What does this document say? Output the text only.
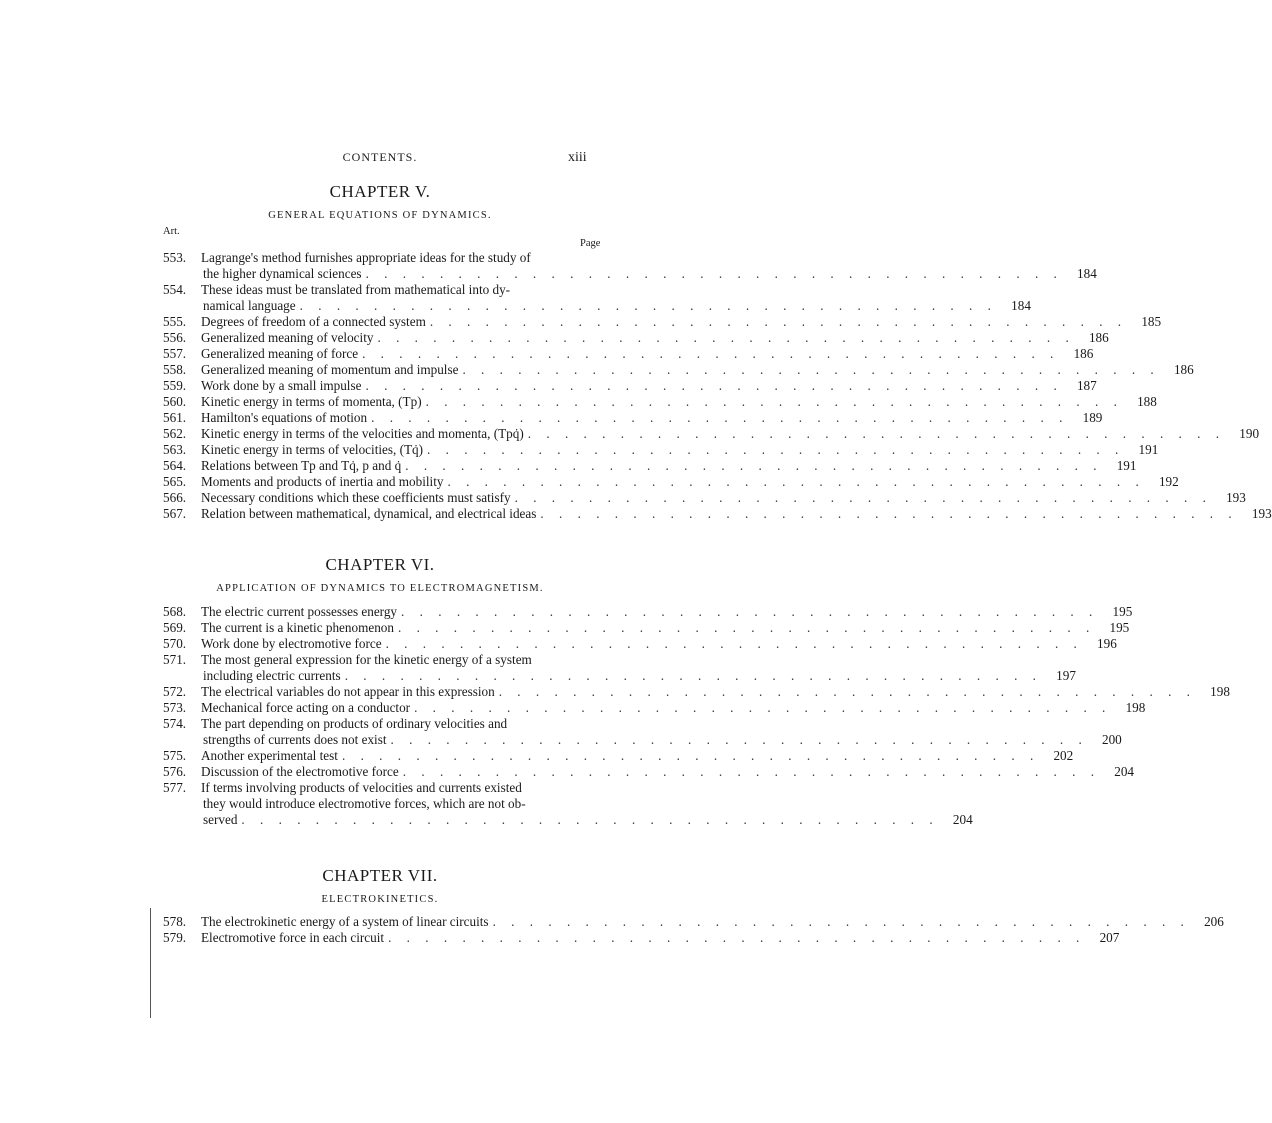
CONTENTS.	xiii
CHAPTER V.
GENERAL EQUATIONS OF DYNAMICS.
Art.
Page
553.	Lagrange's method furnishes appropriate ideas for the study of
the higher dynamical sciences . . . . . . . . . . . . . . . . . . . . . . . . . . . . . . . . . . . . . .	184
554.	These ideas must be translated from mathematical into dy-
namical language . . . . . . . . . . . . . . . . . . . . . . . . . . . . . . . . . . . . . .	184
555.	Degrees of freedom of a connected system . . . . . . . . . . . . . . . . . . . . . . . . . . . . . . . . . . . . . .	185
556.	Generalized meaning of velocity . . . . . . . . . . . . . . . . . . . . . . . . . . . . . . . . . . . . . .	186
557.	Generalized meaning of force . . . . . . . . . . . . . . . . . . . . . . . . . . . . . . . . . . . . . .	186
558.	Generalized meaning of momentum and impulse . . . . . . . . . . . . . . . . . . . . . . . . . . . . . . . . . . . . . .	186
559.	Work done by a small impulse . . . . . . . . . . . . . . . . . . . . . . . . . . . . . . . . . . . . . .	187
560.	Kinetic energy in terms of momenta, (Tp) . . . . . . . . . . . . . . . . . . . . . . . . . . . . . . . . . . . . . .	188
561.	Hamilton's equations of motion . . . . . . . . . . . . . . . . . . . . . . . . . . . . . . . . . . . . . .	189
562.	Kinetic energy in terms of the velocities and momenta, (Tpq̇) . . . . . . . . . . . . . . . . . . . . . . . . . . . . . . . . . . . . . .	190
563.	Kinetic energy in terms of velocities, (Tq̇) . . . . . . . . . . . . . . . . . . . . . . . . . . . . . . . . . . . . . .	191
564.	Relations between Tp and Tq̇, p and q̇ . . . . . . . . . . . . . . . . . . . . . . . . . . . . . . . . . . . . . .	191
565.	Moments and products of inertia and mobility . . . . . . . . . . . . . . . . . . . . . . . . . . . . . . . . . . . . . .	192
566.	Necessary conditions which these coefficients must satisfy . . . . . . . . . . . . . . . . . . . . . . . . . . . . . . . . . . . . . .	193
567.	Relation between mathematical, dynamical, and electrical ideas . . . . . . . . . . . . . . . . . . . . . . . . . . . . . . . . . . . . . .	193
CHAPTER VI.
APPLICATION OF DYNAMICS TO ELECTROMAGNETISM.
568.	The electric current possesses energy . . . . . . . . . . . . . . . . . . . . . . . . . . . . . . . . . . . . . .	195
569.	The current is a kinetic phenomenon . . . . . . . . . . . . . . . . . . . . . . . . . . . . . . . . . . . . . .	195
570.	Work done by electromotive force . . . . . . . . . . . . . . . . . . . . . . . . . . . . . . . . . . . . . .	196
571.	The most general expression for the kinetic energy of a system
including electric currents . . . . . . . . . . . . . . . . . . . . . . . . . . . . . . . . . . . . . .	197
572.	The electrical variables do not appear in this expression . . . . . . . . . . . . . . . . . . . . . . . . . . . . . . . . . . . . . .	198
573.	Mechanical force acting on a conductor . . . . . . . . . . . . . . . . . . . . . . . . . . . . . . . . . . . . . .	198
574.	The part depending on products of ordinary velocities and
strengths of currents does not exist . . . . . . . . . . . . . . . . . . . . . . . . . . . . . . . . . . . . . .	200
575.	Another experimental test . . . . . . . . . . . . . . . . . . . . . . . . . . . . . . . . . . . . . .	202
576.	Discussion of the electromotive force . . . . . . . . . . . . . . . . . . . . . . . . . . . . . . . . . . . . . .	204
577.	If terms involving products of velocities and currents existed
they would introduce electromotive forces, which are not ob-
served . . . . . . . . . . . . . . . . . . . . . . . . . . . . . . . . . . . . . .	204
CHAPTER VII.
ELECTROKINETICS.
578.	The electrokinetic energy of a system of linear circuits . . . . . . . . . . . . . . . . . . . . . . . . . . . . . . . . . . . . . .	206
579.	Electromotive force in each circuit . . . . . . . . . . . . . . . . . . . . . . . . . . . . . . . . . . . . . .	207
